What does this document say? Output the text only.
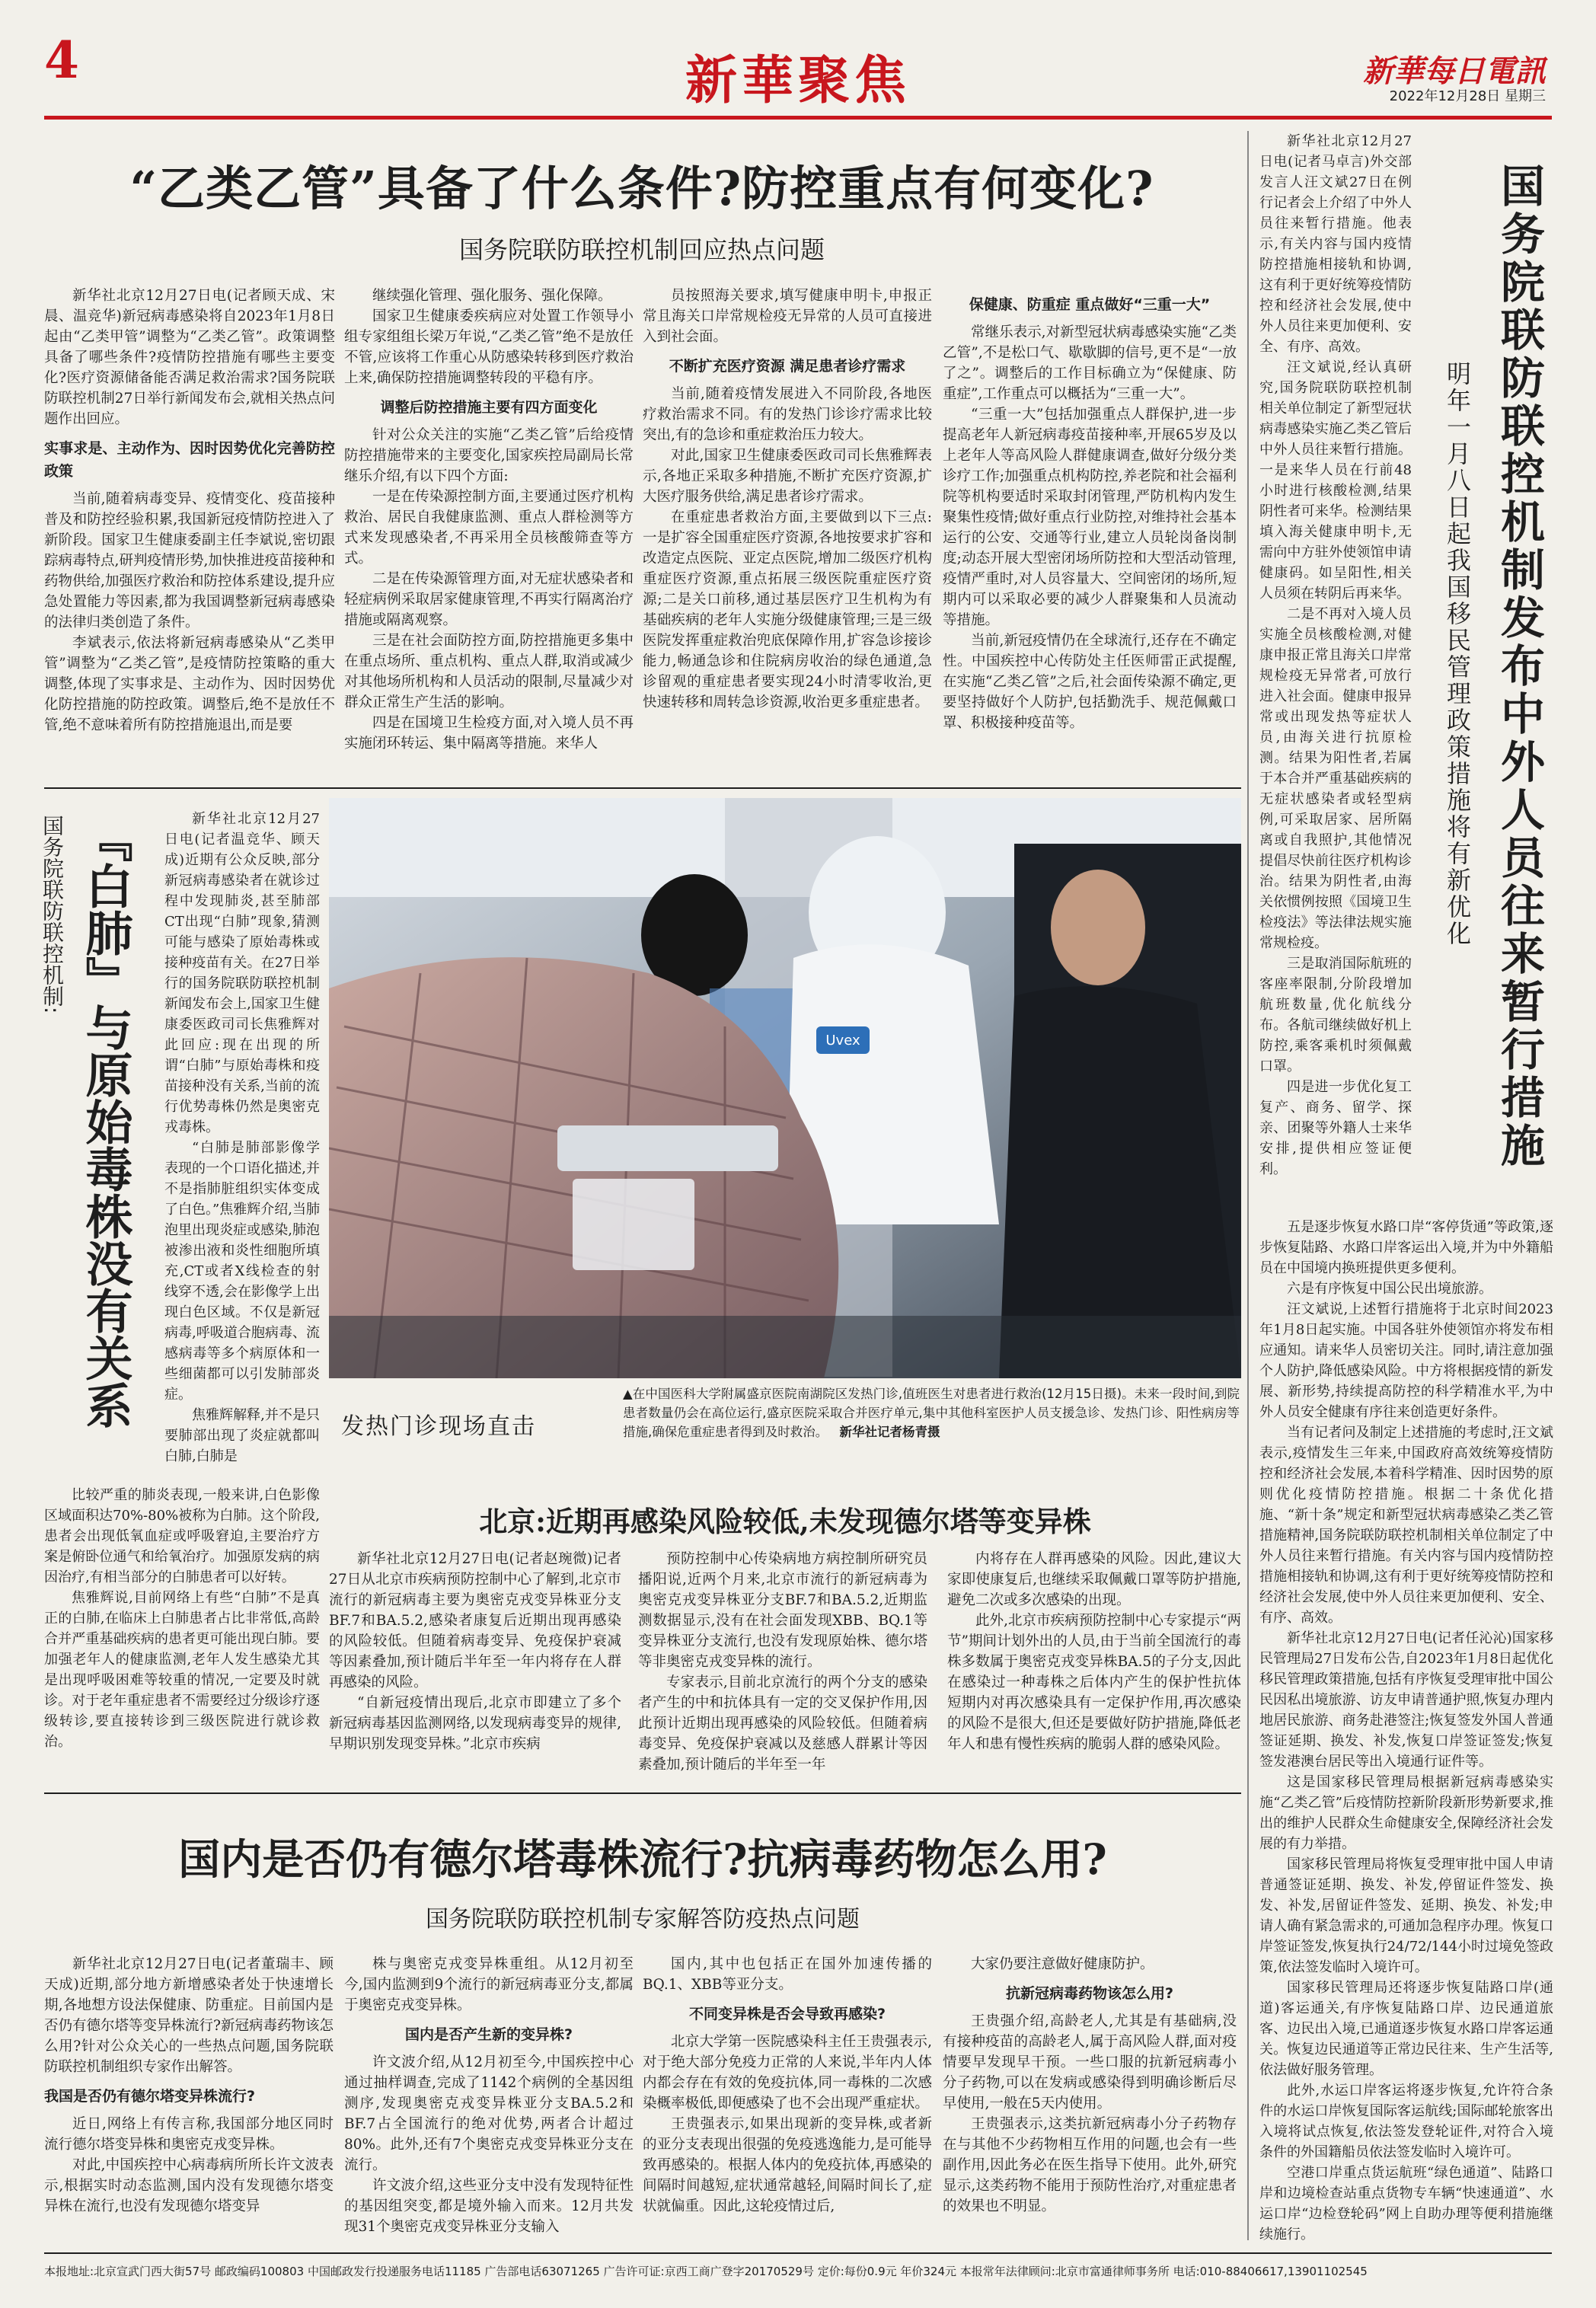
4	新華聚焦	新華每日電訊
2022年12月28日 星期三
“乙类乙管”具备了什么条件?防控重点有何变化?
国务院联防联控机制回应热点问题

新华社北京12月27日电(记者顾天成、宋晨、温竞华)新冠病毒感染将自2023年1月8日起由“乙类甲管”调整为“乙类乙管”。政策调整具备了哪些条件?疫情防控措施有哪些主要变化?医疗资源储备能否满足救治需求?国务院联防联控机制27日举行新闻发布会,就相关热点问题作出回应。

实事求是、主动作为、因时因势优化完善防控政策

当前,随着病毒变异、疫情变化、疫苗接种普及和防控经验积累,我国新冠疫情防控进入了新阶段。国家卫生健康委副主任李斌说,密切跟踪病毒特点,研判疫情形势,加快推进疫苗接种和药物供给,加强医疗救治和防控体系建设,提升应急处置能力等因素,都为我国调整新冠病毒感染的法律归类创造了条件。

李斌表示,依法将新冠病毒感染从“乙类甲管”调整为“乙类乙管”,是疫情防控策略的重大调整,体现了实事求是、主动作为、因时因势优化防控措施的防控政策。调整后,绝不是放任不管,绝不意味着所有防控措施退出,而是要

继续强化管理、强化服务、强化保障。

国家卫生健康委疾病应对处置工作领导小组专家组组长梁万年说,“乙类乙管”绝不是放任不管,应该将工作重心从防感染转移到医疗救治上来,确保防控措施调整转段的平稳有序。

调整后防控措施主要有四方面变化

针对公众关注的实施“乙类乙管”后给疫情防控措施带来的主要变化,国家疾控局副局长常继乐介绍,有以下四个方面:

一是在传染源控制方面,主要通过医疗机构救治、居民自我健康监测、重点人群检测等方式来发现感染者,不再采用全员核酸筛查等方式。

二是在传染源管理方面,对无症状感染者和轻症病例采取居家健康管理,不再实行隔离治疗措施或隔离观察。

三是在社会面防控方面,防控措施更多集中在重点场所、重点机构、重点人群,取消或减少对其他场所机构和人员活动的限制,尽量减少对群众正常生产生活的影响。

四是在国境卫生检疫方面,对入境人员不再实施闭环转运、集中隔离等措施。来华人

员按照海关要求,填写健康申明卡,申报正常且海关口岸常规检疫无异常的人员可直接进入到社会面。

不断扩充医疗资源 满足患者诊疗需求

当前,随着疫情发展进入不同阶段,各地医疗救治需求不同。有的发热门诊诊疗需求比较突出,有的急诊和重症救治压力较大。

对此,国家卫生健康委医政司司长焦雅辉表示,各地正采取多种措施,不断扩充医疗资源,扩大医疗服务供给,满足患者诊疗需求。

在重症患者救治方面,主要做到以下三点:一是扩容全国重症医疗资源,各地按要求扩容和改造定点医院、亚定点医院,增加二级医疗机构重症医疗资源,重点拓展三级医院重症医疗资源;二是关口前移,通过基层医疗卫生机构为有基础疾病的老年人实施分级健康管理;三是三级医院发挥重症救治兜底保障作用,扩容急诊接诊能力,畅通急诊和住院病房收治的绿色通道,急诊留观的重症患者要实现24小时清零收治,更快速转移和周转急诊资源,收治更多重症患者。

保健康、防重症 重点做好“三重一大”

常继乐表示,对新型冠状病毒感染实施“乙类乙管”,不是松口气、歇歇脚的信号,更不是“一放了之”。调整后的工作目标确立为“保健康、防重症”,工作重点可以概括为“三重一大”。

“三重一大”包括加强重点人群保护,进一步提高老年人新冠病毒疫苗接种率,开展65岁及以上老年人等高风险人群健康调查,做好分级分类诊疗工作;加强重点机构防控,养老院和社会福利院等机构要适时采取封闭管理,严防机构内发生聚集性疫情;做好重点行业防控,对维持社会基本运行的公安、交通等行业,建立人员轮岗备岗制度;动态开展大型密闭场所防控和大型活动管理,疫情严重时,对人员容量大、空间密闭的场所,短期内可以采取必要的减少人群聚集和人员流动等措施。

当前,新冠疫情仍在全球流行,还存在不确定性。中国疾控中心传防处主任医师雷正武提醒,在实施“乙类乙管”之后,社会面传染源不确定,更要坚持做好个人防护,包括勤洗手、规范佩戴口罩、积极接种疫苗等。

国务院联防联控机制: 『白肺』与原始毒株没有关系	新华社北京12月27日电(记者温竞华、顾天成)近期有公众反映,部分新冠病毒感染者在就诊过程中发现肺炎,甚至肺部CT出现“白肺”现象,猜测可能与感染了原始毒株或接种疫苗有关。在27日举行的国务院联防联控机制新闻发布会上,国家卫生健康委医政司司长焦雅辉对此回应:现在出现的所谓“白肺”与原始毒株和疫苗接种没有关系,当前的流行优势毒株仍然是奥密克戎毒株。

“白肺是肺部影像学表现的一个口语化描述,并不是指肺脏组织实体变成了白色。”焦雅辉介绍,当肺泡里出现炎症或感染,肺泡被渗出液和炎性细胞所填充,CT或者X线检查的射线穿不透,会在影像学上出现白色区域。不仅是新冠病毒,呼吸道合胞病毒、流感病毒等多个病原体和一些细菌都可以引发肺部炎症。

焦雅辉解释,并不是只要肺部出现了炎症就都叫白肺,白肺是

比较严重的肺炎表现,一般来讲,白色影像区域面积达70%-80%被称为白肺。这个阶段,患者会出现低氧血症或呼吸窘迫,主要治疗方案是俯卧位通气和给氧治疗。加强原发病的病因治疗,有相当部分的白肺患者可以好转。

焦雅辉说,目前网络上有些“白肺”不是真正的白肺,在临床上白肺患者占比非常低,高龄合并严重基础疾病的患者更可能出现白肺。要加强老年人的健康监测,老年人发生感染尤其是出现呼吸困难等较重的情况,一定要及时就诊。对于老年重症患者不需要经过分级诊疗逐级转诊,要直接转诊到三级医院进行就诊救治。

Uvex
发热门诊现场直击
▲在中国医科大学附属盛京医院南湖院区发热门诊,值班医生对患者进行救治(12月15日摄)。未来一段时间,到院患者数量仍会在高位运行,盛京医院采取合并医疗单元,集中其他科室医护人员支援急诊、发热门诊、阳性病房等措施,确保危重症患者得到及时救治。 新华社记者杨青摄
北京:近期再感染风险较低,未发现德尔塔等变异株

新华社北京12月27日电(记者赵琬微)记者27日从北京市疾病预防控制中心了解到,北京市流行的新冠病毒主要为奥密克戎变异株亚分支BF.7和BA.5.2,感染者康复后近期出现再感染的风险较低。但随着病毒变异、免疫保护衰减等因素叠加,预计随后半年至一年内将存在人群再感染的风险。

“自新冠疫情出现后,北京市即建立了多个新冠病毒基因监测网络,以发现病毒变异的规律,早期识别发现变异株。”北京市疾病

预防控制中心传染病地方病控制所研究员播阳说,近两个月来,北京市流行的新冠病毒为奥密克戎变异株亚分支BF.7和BA.5.2,近期监测数据显示,没有在社会面发现XBB、BQ.1等变异株亚分支流行,也没有发现原始株、德尔塔等非奥密克戎变异株的流行。

专家表示,目前北京流行的两个分支的感染者产生的中和抗体具有一定的交叉保护作用,因此预计近期出现再感染的风险较低。但随着病毒变异、免疫保护衰减以及慈感人群累计等因素叠加,预计随后的半年至一年

内将存在人群再感染的风险。因此,建议大家即使康复后,也继续采取佩戴口罩等防护措施,避免二次或多次感染的出现。

此外,北京市疾病预防控制中心专家提示“两节”期间计划外出的人员,由于当前全国流行的毒株多数属于奥密克戎变异株BA.5的子分支,因此在感染过一种毒株之后体内产生的保护性抗体短期内对再次感染具有一定保护作用,再次感染的风险不是很大,但还是要做好防护措施,降低老年人和患有慢性疾病的脆弱人群的感染风险。

国内是否仍有德尔塔毒株流行?抗病毒药物怎么用?
国务院联防联控机制专家解答防疫热点问题

新华社北京12月27日电(记者董瑞丰、顾天成)近期,部分地方新增感染者处于快速增长期,各地想方设法保健康、防重症。目前国内是否仍有德尔塔等变异株流行?新冠病毒药物该怎么用?针对公众关心的一些热点问题,国务院联防联控机制组织专家作出解答。

我国是否仍有德尔塔变异株流行?

近日,网络上有传言称,我国部分地区同时流行德尔塔变异株和奥密克戎变异株。

对此,中国疾控中心病毒病所所长许文波表示,根据实时动态监测,国内没有发现德尔塔变异株在流行,也没有发现德尔塔变异

株与奥密克戎变异株重组。从12月初至今,国内监测到9个流行的新冠病毒亚分支,都属于奥密克戎变异株。

国内是否产生新的变异株?

许文波介绍,从12月初至今,中国疾控中心通过抽样调查,完成了1142个病例的全基因组测序,发现奥密克戎变异株亚分支BA.5.2和BF.7占全国流行的绝对优势,两者合计超过80%。此外,还有7个奥密克戎变异株亚分支在流行。

许文波介绍,这些亚分支中没有发现特征性的基因组突变,都是境外输入而来。12月共发现31个奥密克戎变异株亚分支输入

国内,其中也包括正在国外加速传播的BQ.1、XBB等亚分支。

不同变异株是否会导致再感染?

北京大学第一医院感染科主任王贵强表示,对于绝大部分免疫力正常的人来说,半年内人体内都会存在有效的免疫抗体,同一毒株的二次感染概率极低,即便感染了也不会出现严重症状。

王贵强表示,如果出现新的变异株,或者新的亚分支表现出很强的免疫逃逸能力,是可能导致再感染的。根据人体内的免疫抗体,再感染的间隔时间越短,症状通常越轻,间隔时间长了,症状就偏重。因此,这轮疫情过后,

大家仍要注意做好健康防护。

抗新冠病毒药物该怎么用?

王贵强介绍,高龄老人,尤其是有基础病,没有接种疫苗的高龄老人,属于高风险人群,面对疫情要早发现早干预。一些口服的抗新冠病毒小分子药物,可以在发病或感染得到明确诊断后尽早使用,一般在5天内使用。

王贵强表示,这类抗新冠病毒小分子药物存在与其他不少药物相互作用的问题,也会有一些副作用,因此务必在医生指导下使用。此外,研究显示,这类药物不能用于预防性治疗,对重症患者的效果也不明显。

新华社北京12月27日电(记者马卓言)外交部发言人汪文斌27日在例行记者会上介绍了中外人员往来暂行措施。他表示,有关内容与国内疫情防控措施相接轨和协调,这有利于更好统筹疫情防控和经济社会发展,使中外人员往来更加便利、安全、有序、高效。

汪文斌说,经认真研究,国务院联防联控机制相关单位制定了新型冠状病毒感染实施乙类乙管后中外人员往来暂行措施。一是来华人员在行前48小时进行核酸检测,结果阴性者可来华。检测结果填入海关健康申明卡,无需向中方驻外使领馆申请健康码。如呈阳性,相关人员须在转阴后再来华。

二是不再对入境人员实施全员核酸检测,对健康申报正常且海关口岸常规检疫无异常者,可放行进入社会面。健康申报异常或出现发热等症状人员,由海关进行抗原检测。结果为阳性者,若属于本合并严重基础疾病的无症状感染者或轻型病例,可采取居家、居所隔离或自我照护,其他情况提倡尽快前往医疗机构诊治。结果为阴性者,由海关依惯例按照《国境卫生检疫法》等法律法规实施常规检疫。

三是取消国际航班的客座率限制,分阶段增加航班数量,优化航线分布。各航司继续做好机上防控,乘客乘机时须佩戴口罩。

四是进一步优化复工复产、商务、留学、探亲、团聚等外籍人士来华安排,提供相应签证便利。	国务院联防联控机制发布中外人员往来暂行措施
明年一月八日起我国移民管理政策措施将有新优化

五是逐步恢复水路口岸“客停货通”等政策,逐步恢复陆路、水路口岸客运出入境,并为中外籍船员在中国境内换班提供更多便利。

六是有序恢复中国公民出境旅游。

汪文斌说,上述暂行措施将于北京时间2023年1月8日起实施。中国各驻外使领馆亦将发布相应通知。请来华人员密切关注。同时,请注意加强个人防护,降低感染风险。中方将根据疫情的新发展、新形势,持续提高防控的科学精准水平,为中外人员安全健康有序往来创造更好条件。

当有记者问及制定上述措施的考虑时,汪文斌表示,疫情发生三年来,中国政府高效统筹疫情防控和经济社会发展,本着科学精准、因时因势的原则优化疫情防控措施。根据二十条优化措施、“新十条”规定和新型冠状病毒感染乙类乙管措施精神,国务院联防联控机制相关单位制定了中外人员往来暂行措施。有关内容与国内疫情防控措施相接轨和协调,这有利于更好统筹疫情防控和经济社会发展,使中外人员往来更加便利、安全、有序、高效。

新华社北京12月27日电(记者任沁沁)国家移民管理局27日发布公告,自2023年1月8日起优化移民管理政策措施,包括有序恢复受理审批中国公民因私出境旅游、访友申请普通护照,恢复办理内地居民旅游、商务赴港签注;恢复签发外国人普通签证延期、换发、补发,恢复口岸签证签发;恢复签发港澳台居民等出入境通行证件等。

这是国家移民管理局根据新冠病毒感染实施“乙类乙管”后疫情防控新阶段新形势新要求,推出的维护人民群众生命健康安全,保障经济社会发展的有力举措。

国家移民管理局将恢复受理审批中国人申请普通签证延期、换发、补发,停留证件签发、换发、补发,居留证件签发、延期、换发、补发;申请人确有紧急需求的,可通加急程序办理。恢复口岸签证签发,恢复执行24/72/144小时过境免签政策,依法签发临时入境许可。

国家移民管理局还将逐步恢复陆路口岸(通道)客运通关,有序恢复陆路口岸、边民通道旅客、边民出入境,已通道逐步恢复水路口岸客运通关。恢复边民通道等正常边民往来、生产生活等,依法做好服务管理。

此外,水运口岸客运将逐步恢复,允许符合条件的水运口岸恢复国际客运航线;国际邮轮旅客出入境将试点恢复,依法签发登轮证件,对符合入境条件的外国籍船员依法签发临时入境许可。

空港口岸重点货运航班“绿色通道”、陆路口岸和边境检查站重点货物专车辆“快速通道”、水运口岸“边检登轮码”网上自助办理等便利措施继续施行。

本报地址:北京宣武门西大街57号 邮政编码100803 中国邮政发行投递服务电话11185 广告部电话63071265 广告许可证:京西工商广登字20170529号 定价:每份0.9元 年价324元 本报常年法律顾问:北京市富通律师事务所 电话:010-88406617,13901102545
